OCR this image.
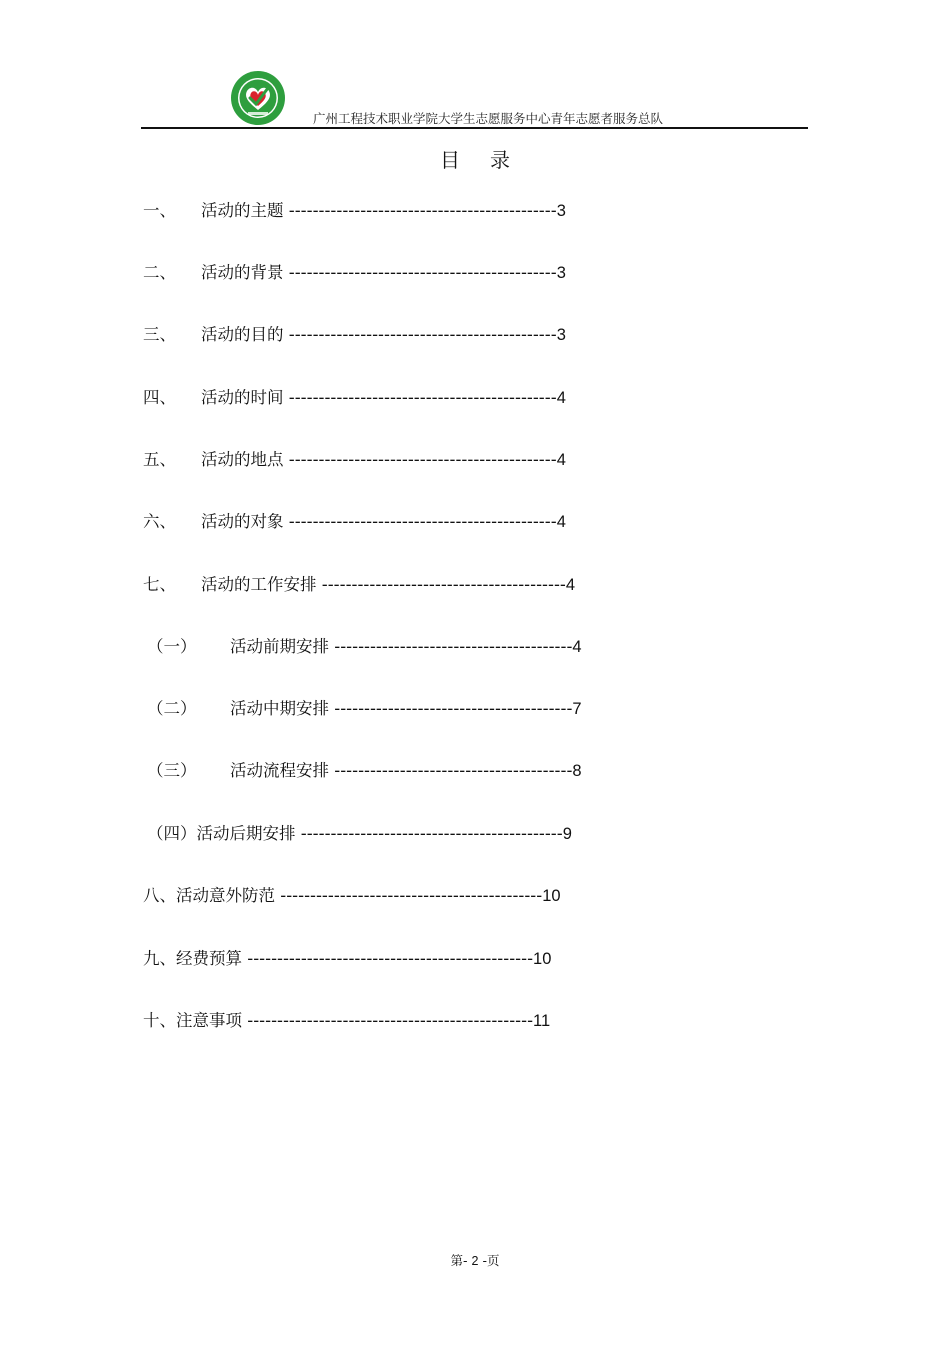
广州工程技术职业学院大学生志愿服务中心青年志愿者服务总队
目录
一、 活动的主题 ---------------------------------------------3
二、 活动的背景 ---------------------------------------------3
三、 活动的目的 ---------------------------------------------3
四、 活动的时间 ---------------------------------------------4
五、 活动的地点 ---------------------------------------------4
六、 活动的对象 ---------------------------------------------4
七、 活动的工作安排 -----------------------------------------4
（一） 活动前期安排 ----------------------------------------4
（二） 活动中期安排 ----------------------------------------7
（三） 活动流程安排 ----------------------------------------8
（四）活动后期安排 --------------------------------------------9
八、活动意外防范 --------------------------------------------10
九、经费预算 ------------------------------------------------10
十、注意事项 ------------------------------------------------11
第- 2 -页
